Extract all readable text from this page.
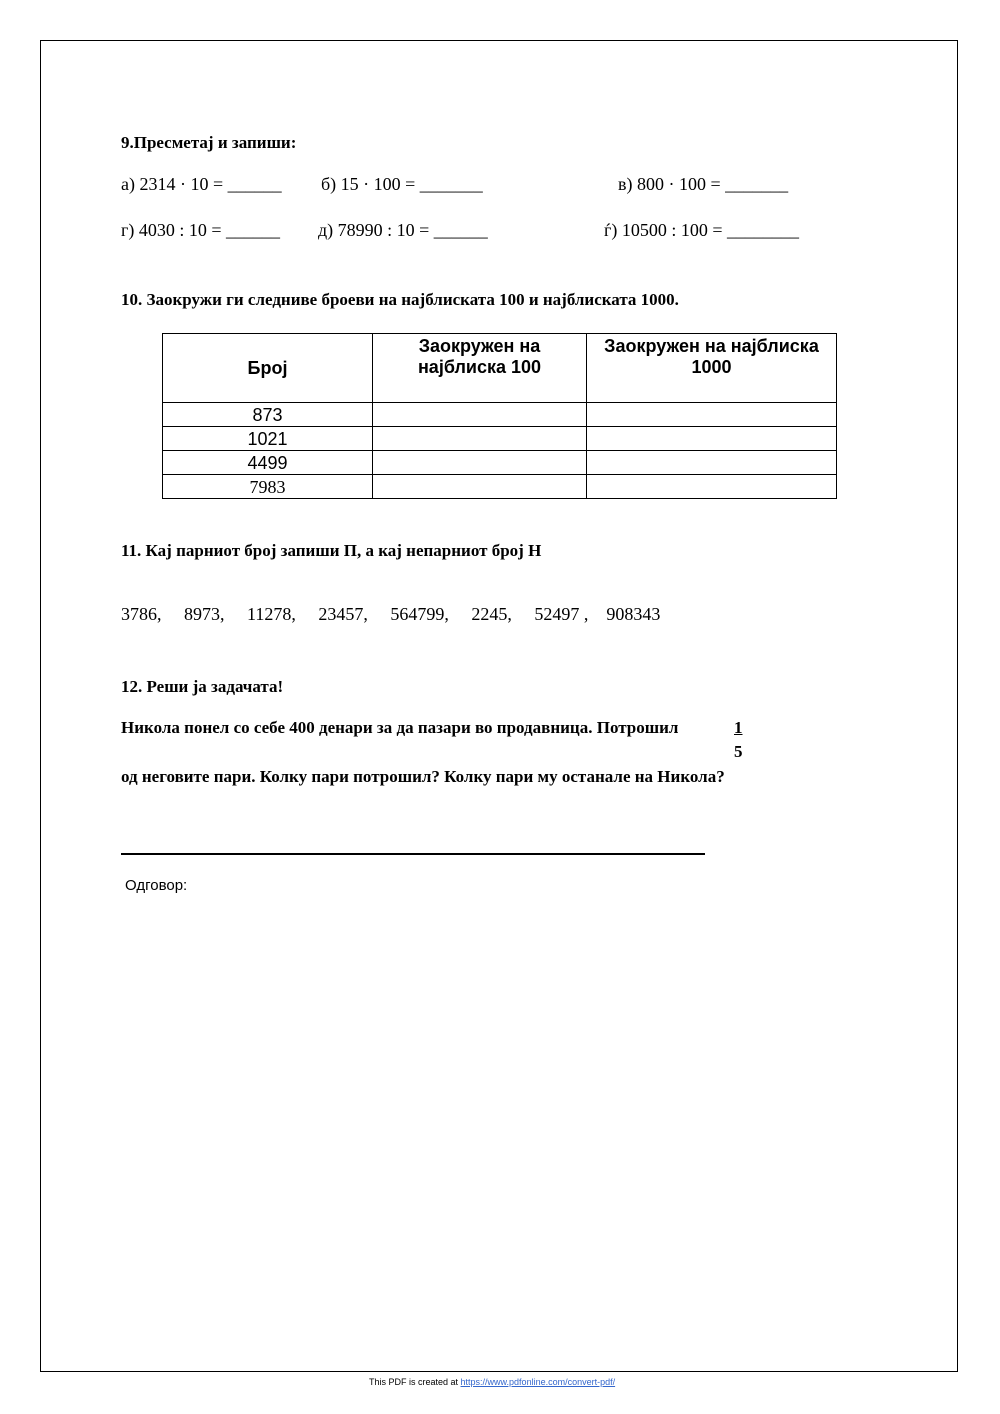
9.Пресметај и запиши:
а) 2314 · 10 = ______ б) 15 · 100 = _______	в) 800 · 100 = _______
г) 4030 : 10 = ______ д) 78990 : 10 = ______	ѓ) 10500 : 100 = ________
10. Заокружи ги следниве броеви на најблиската 100 и најблиската 1000.
Број	Заокружен на најблиска 100	Заокружен на најблиска 1000
873		
1021		
4499		
7983		
11. Кај парниот број запиши П, а кај непарниот број Н
3786,     8973,     11278,     23457,     564799,     2245,     52497 ,    908343
12. Реши ја задачата!
Никола понел со себе 400 денари за да пазари во продавница. Потрошил	1
5
од неговите пари. Колку пари потрошил? Колку пари му останале на Никола?
Одговор:
This PDF is created at https://www.pdfonline.com/convert-pdf/
